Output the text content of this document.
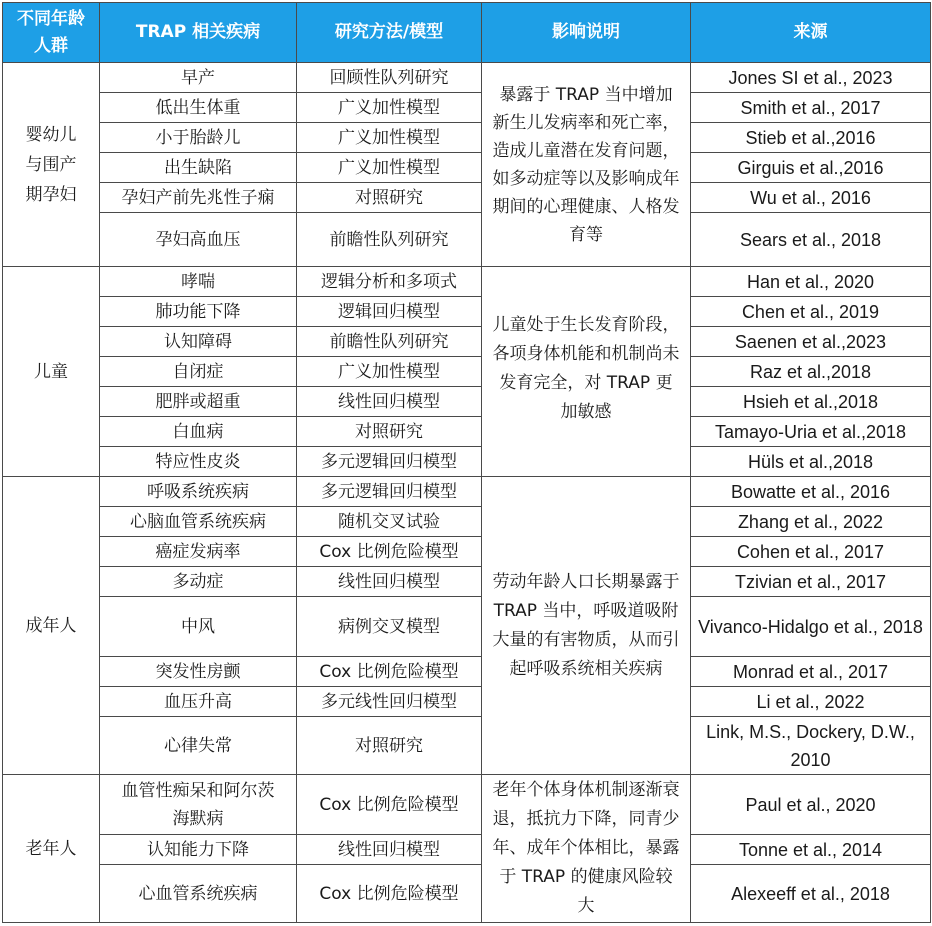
不同年龄人群	TRAP 相关疾病	研究方法/模型	影响说明	来源
婴幼儿与围产期孕妇	早产	回顾性队列研究	暴露于 TRAP 当中增加新生儿发病率和死亡率，造成儿童潜在发育问题，如多动症等以及影响成年期间的心理健康、人格发育等	Jones SI et al., 2023
	低出生体重	广义加性模型		Smith et al., 2017
	小于胎龄儿	广义加性模型		Stieb et al.,2016
	出生缺陷	广义加性模型		Girguis et al.,2016
	孕妇产前先兆性子痫	对照研究		Wu et al., 2016
	孕妇高血压	前瞻性队列研究		Sears et al., 2018
儿童	哮喘	逻辑分析和多项式	儿童处于生长发育阶段，各项身体机能和机制尚未发育完全，对 TRAP 更加敏感	Han et al., 2020
	肺功能下降	逻辑回归模型		Chen et al., 2019
	认知障碍	前瞻性队列研究		Saenen et al.,2023
	自闭症	广义加性模型		Raz et al.,2018
	肥胖或超重	线性回归模型		Hsieh et al.,2018
	白血病	对照研究		Tamayo-Uria et al.,2018
	特应性皮炎	多元逻辑回归模型		Hüls et al.,2018
成年人	呼吸系统疾病	多元逻辑回归模型	劳动年龄人口长期暴露于 TRAP 当中，呼吸道吸附大量的有害物质，从而引起呼吸系统相关疾病	Bowatte et al., 2016
	心脑血管系统疾病	随机交叉试验		Zhang et al., 2022
	癌症发病率	Cox 比例危险模型		Cohen et al., 2017
	多动症	线性回归模型		Tzivian et al., 2017
	中风	病例交叉模型		Vivanco-Hidalgo et al., 2018
	突发性房颤	Cox 比例危险模型		Monrad et al., 2017
	血压升高	多元线性回归模型		Li et al., 2022
	心律失常	对照研究		Link, M.S., Dockery, D.W., 2010
老年人	血管性痴呆和阿尔茨海默病	Cox 比例危险模型	老年个体身体机制逐渐衰退，抵抗力下降，同青少年、成年个体相比，暴露于 TRAP 的健康风险较大	Paul et al., 2020
	认知能力下降	线性回归模型		Tonne et al., 2014
	心血管系统疾病	Cox 比例危险模型		Alexeeff et al., 2018
